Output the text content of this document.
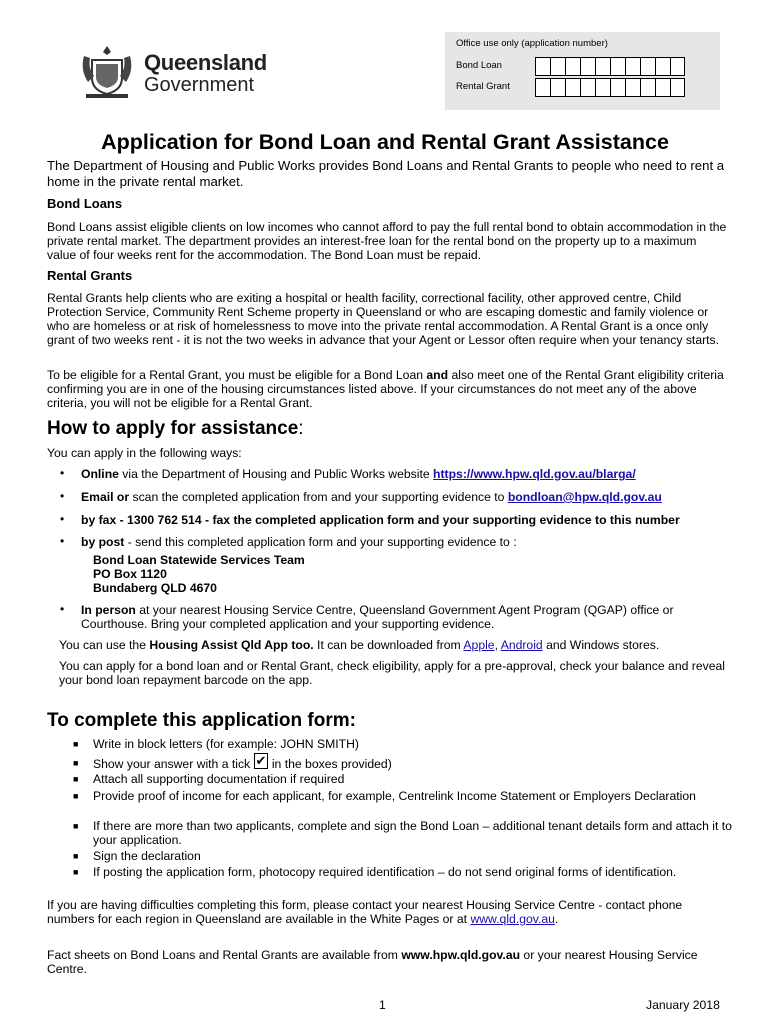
Queensland
Government
Office use only (application number)
Bond Loan
Rental Grant
Application for Bond Loan and Rental Grant Assistance

The Department of Housing and Public Works provides Bond Loans and Rental Grants to people who need to rent a home in the private rental market.

Bond Loans

Bond Loans assist eligible clients on low incomes who cannot afford to pay the full rental bond to obtain accommodation in the private rental market. The department provides an interest-free loan for the rental bond on the property up to a maximum value of four weeks rent for the accommodation. The Bond Loan must be repaid.

Rental Grants

Rental Grants help clients who are exiting a hospital or health facility, correctional facility, other approved centre, Child Protection Service, Community Rent Scheme property in Queensland or who are escaping domestic and family violence or who are homeless or at risk of homelessness to move into the private rental accommodation. A Rental Grant is a once only grant of two weeks rent - it is not the two weeks in advance that your Agent or Lessor often require when your tenancy starts.

To be eligible for a Rental Grant, you must be eligible for a Bond Loan and also meet one of the Rental Grant eligibility criteria confirming you are in one of the housing circumstances listed above. If your circumstances do not meet any of the above criteria, you will not be eligible for a Rental Grant.

How to apply for assistance:

You can apply in the following ways:

• Online via the Department of Housing and Public Works website https://www.hpw.qld.gov.au/blarga/
• Email or scan the completed application from and your supporting evidence to bondloan@hpw.qld.gov.au
• by fax - 1300 762 514 - fax the completed application form and your supporting evidence to this number
• by post - send this completed application form and your supporting evidence to :
Bond Loan Statewide Services Team
PO Box 1120
Bundaberg QLD 4670
• In person at your nearest Housing Service Centre, Queensland Government Agent Program (QGAP) office or Courthouse. Bring your completed application and your supporting evidence.

You can use the Housing Assist Qld App too. It can be downloaded from Apple, Android and Windows stores.

You can apply for a bond loan and or Rental Grant, check eligibility, apply for a pre-approval, check your balance and reveal your bond loan repayment barcode on the app.

To complete this application form:
■ Write in block letters (for example: JOHN SMITH)
■ Show your answer with a tick ✔ in the boxes provided)
■ Attach all supporting documentation if required
■ Provide proof of income for each applicant, for example, Centrelink Income Statement or Employers Declaration
■ If there are more than two applicants, complete and sign the Bond Loan – additional tenant details form and attach it to your application.
■ Sign the declaration
■ If posting the application form, photocopy required identification – do not send original forms of identification.

If you are having difficulties completing this form, please contact your nearest Housing Service Centre - contact phone numbers for each region in Queensland are available in the White Pages or at www.qld.gov.au.

Fact sheets on Bond Loans and Rental Grants are available from www.hpw.qld.gov.au or your nearest Housing Service Centre.

1	January 2018
